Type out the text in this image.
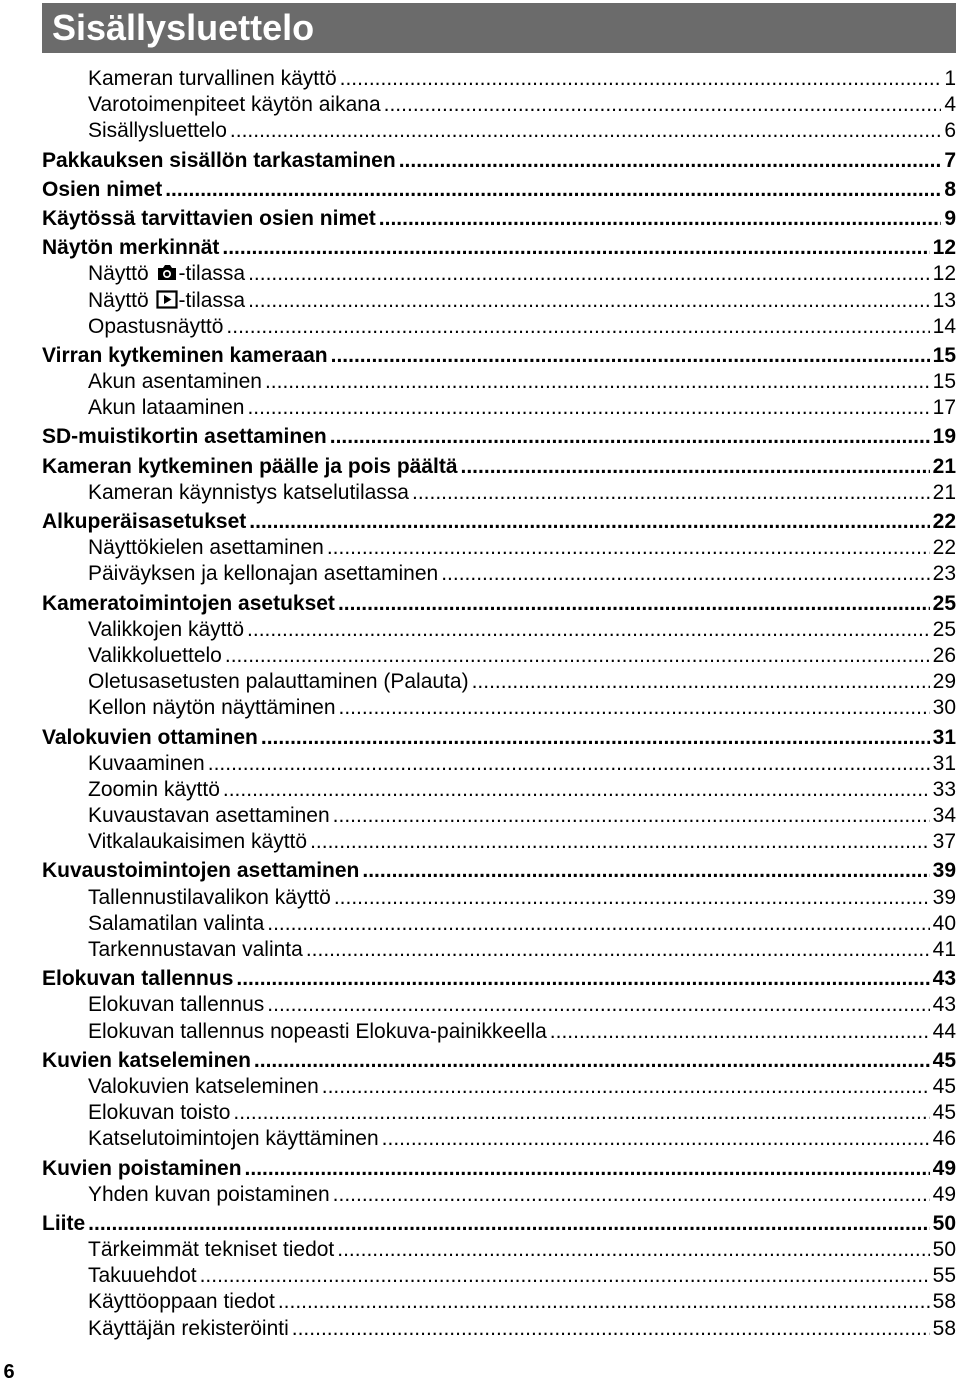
Sisällysluettelo
Kameran turvallinen käyttö .....	1
Varotoimenpiteet käytön aikana .....	4
Sisällysluettelo .....	6
Pakkauksen sisällön tarkastaminen .....	7
Osien nimet .....	8
Käytössä tarvittavien osien nimet .....	9
Näytön merkinnät .....	12
Näyttö -tilassa .....	12
Näyttö -tilassa .....	13
Opastusnäyttö .....	14
Virran kytkeminen kameraan .....	15
Akun asentaminen .....	15
Akun lataaminen .....	17
SD-muistikortin asettaminen .....	19
Kameran kytkeminen päälle ja pois päältä .....	21
Kameran käynnistys katselutilassa .....	21
Alkuperäisasetukset .....	22
Näyttökielen asettaminen .....	22
Päiväyksen ja kellonajan asettaminen .....	23
Kameratoimintojen asetukset .....	25
Valikkojen käyttö .....	25
Valikkoluettelo .....	26
Oletusasetusten palauttaminen (Palauta) .....	29
Kellon näytön näyttäminen .....	30
Valokuvien ottaminen .....	31
Kuvaaminen .....	31
Zoomin käyttö .....	33
Kuvaustavan asettaminen .....	34
Vitkalaukaisimen käyttö .....	37
Kuvaustoimintojen asettaminen .....	39
Tallennustilavalikon käyttö .....	39
Salamatilan valinta .....	40
Tarkennustavan valinta .....	41
Elokuvan tallennus .....	43
Elokuvan tallennus .....	43
Elokuvan tallennus nopeasti Elokuva-painikkeella .....	44
Kuvien katseleminen .....	45
Valokuvien katseleminen .....	45
Elokuvan toisto .....	45
Katselutoimintojen käyttäminen .....	46
Kuvien poistaminen .....	49
Yhden kuvan poistaminen .....	49
Liite .....	50
Tärkeimmät tekniset tiedot .....	50
Takuuehdot .....	55
Käyttöoppaan tiedot .....	58
Käyttäjän rekisteröinti .....	58
6
